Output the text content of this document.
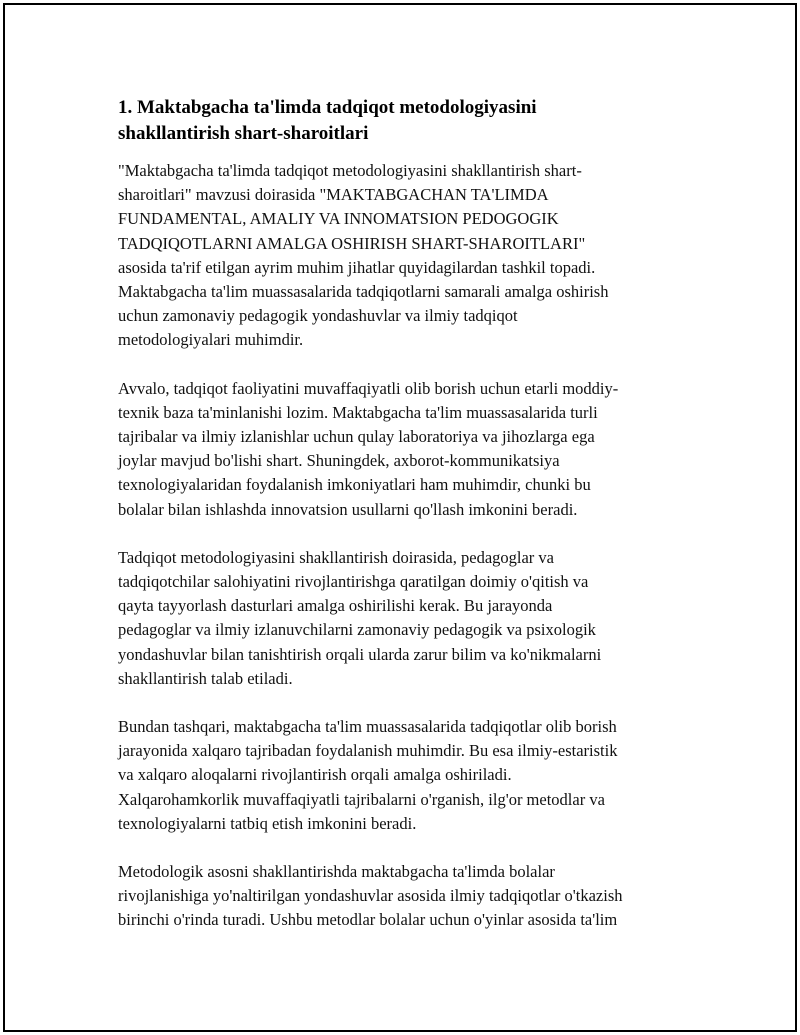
1. Maktabgacha ta'limda tadqiqot metodologiyasini
shakllantirish shart-sharoitlari

"Maktabgacha ta'limda tadqiqot metodologiyasini shakllantirish shart-
sharoitlari" mavzusi doirasida "MAKTABGACHAN TA'LIMDA
FUNDAMENTAL, AMALIY VA INNOMATSION PEDOGOGIK
TADQIQOTLARNI AMALGA OSHIRISH SHART-SHAROITLARI"
asosida ta'rif etilgan ayrim muhim jihatlar quyidagilardan tashkil topadi.
Maktabgacha ta'lim muassasalarida tadqiqotlarni samarali amalga oshirish
uchun zamonaviy pedagogik yondashuvlar va ilmiy tadqiqot
metodologiyalari muhimdir.

Avvalo, tadqiqot faoliyatini muvaffaqiyatli olib borish uchun etarli moddiy-
texnik baza ta'minlanishi lozim. Maktabgacha ta'lim muassasalarida turli
tajribalar va ilmiy izlanishlar uchun qulay laboratoriya va jihozlarga ega
joylar mavjud bo'lishi shart. Shuningdek, axborot-kommunikatsiya
texnologiyalaridan foydalanish imkoniyatlari ham muhimdir, chunki bu
bolalar bilan ishlashda innovatsion usullarni qo'llash imkonini beradi.

Tadqiqot metodologiyasini shakllantirish doirasida, pedagoglar va
tadqiqotchilar salohiyatini rivojlantirishga qaratilgan doimiy o'qitish va
qayta tayyorlash dasturlari amalga oshirilishi kerak. Bu jarayonda
pedagoglar va ilmiy izlanuvchilarni zamonaviy pedagogik va psixologik
yondashuvlar bilan tanishtirish orqali ularda zarur bilim va ko'nikmalarni
shakllantirish talab etiladi.

Bundan tashqari, maktabgacha ta'lim muassasalarida tadqiqotlar olib borish
jarayonida xalqaro tajribadan foydalanish muhimdir. Bu esa ilmiy-estaristik
va xalqaro aloqalarni rivojlantirish orqali amalga oshiriladi.
Xalqarohamkorlik muvaffaqiyatli tajribalarni o'rganish, ilg'or metodlar va
texnologiyalarni tatbiq etish imkonini beradi.

Metodologik asosni shakllantirishda maktabgacha ta'limda bolalar
rivojlanishiga yo'naltirilgan yondashuvlar asosida ilmiy tadqiqotlar o'tkazish
birinchi o'rinda turadi. Ushbu metodlar bolalar uchun o'yinlar asosida ta'lim
